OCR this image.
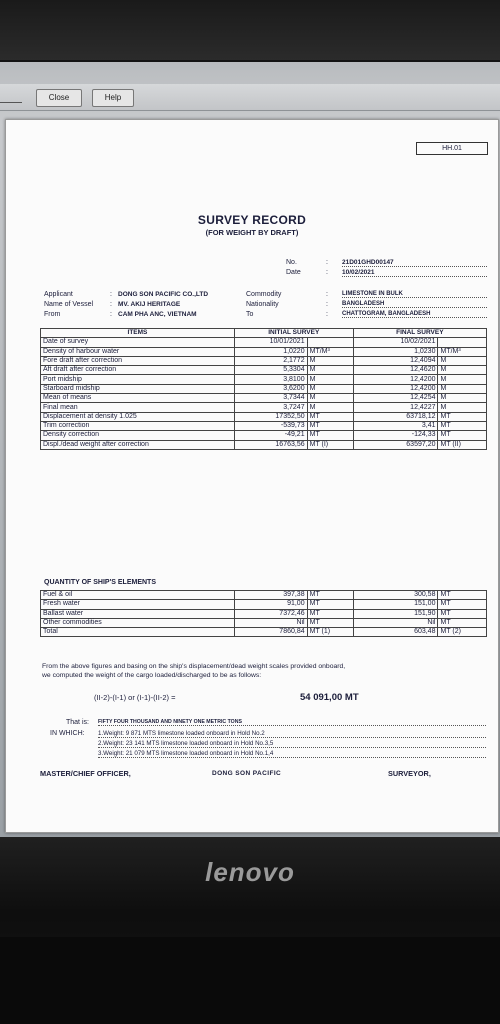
Close	Help
HH.01
SURVEY RECORD
(FOR WEIGHT BY DRAFT)
No.	: 21D01GHD00147
Date	: 10/02/2021
Applicant	: DONG SON PACIFIC CO.,LTD
Name of Vessel : MV. AKIJ HERITAGE
From	: CAM PHA ANC, VIETNAM
Commodity	: LIMESTONE IN BULK
Nationality	: BANGLADESH
To	: CHATTOGRAM, BANGLADESH
ITEMS	INITIAL SURVEY		FINAL SURVEY	
Date of survey	10/01/2021		10/02/2021	
Density of harbour water	1,0220	MT/M³	1,0230	MT/M³
Fore draft after correction	2,1772	M	12,4094	M
Aft draft after correction	5,3304	M	12,4620	M
Port midship	3,8100	M	12,4200	M
Starboard midship	3,6200	M	12,4200	M
Mean of means	3,7344	M	12,4254	M
Final mean	3,7247	M	12,4227	M
Displacement at density 1.025	17352,50	MT	63718,12	MT
Trim correction	-539,73	MT	3,41	MT
Density correction	-49,21	MT	-124,33	MT
Displ./dead weight after correction	16763,56	MT (I)	63597,20	MT (II)
QUANTITY OF SHIP'S ELEMENTS
Fuel & oil	397,38	MT	300,58	MT
Fresh water	91,00	MT	151,00	MT
Ballast water	7372,46	MT	151,90	MT
Other commodities	Nil	MT	Nil	MT
Total	7860,84	MT (1)	603,48	MT (2)
From the above figures and basing on the ship's displacement/dead weight scales provided onboard,
we computed the weight of the cargo loaded/discharged to be as follows:
(II-2)-(I-1) or (I-1)-(II-2) =	54 091,00 MT
That is: FIFTY FOUR THOUSAND AND NINETY ONE METRIC TONS
IN WHICH: 1.Weight: 9 871 MTS limestone loaded onboard in Hold No.2
2.Weight: 23 141 MTS limestone loaded onboard in Hold No.3,5
3.Weight: 21 079 MTS limestone loaded onboard in Hold No.1,4
MASTER/CHIEF OFFICER,	DONG SON PACIFIC	SURVEYOR,
lenovo
